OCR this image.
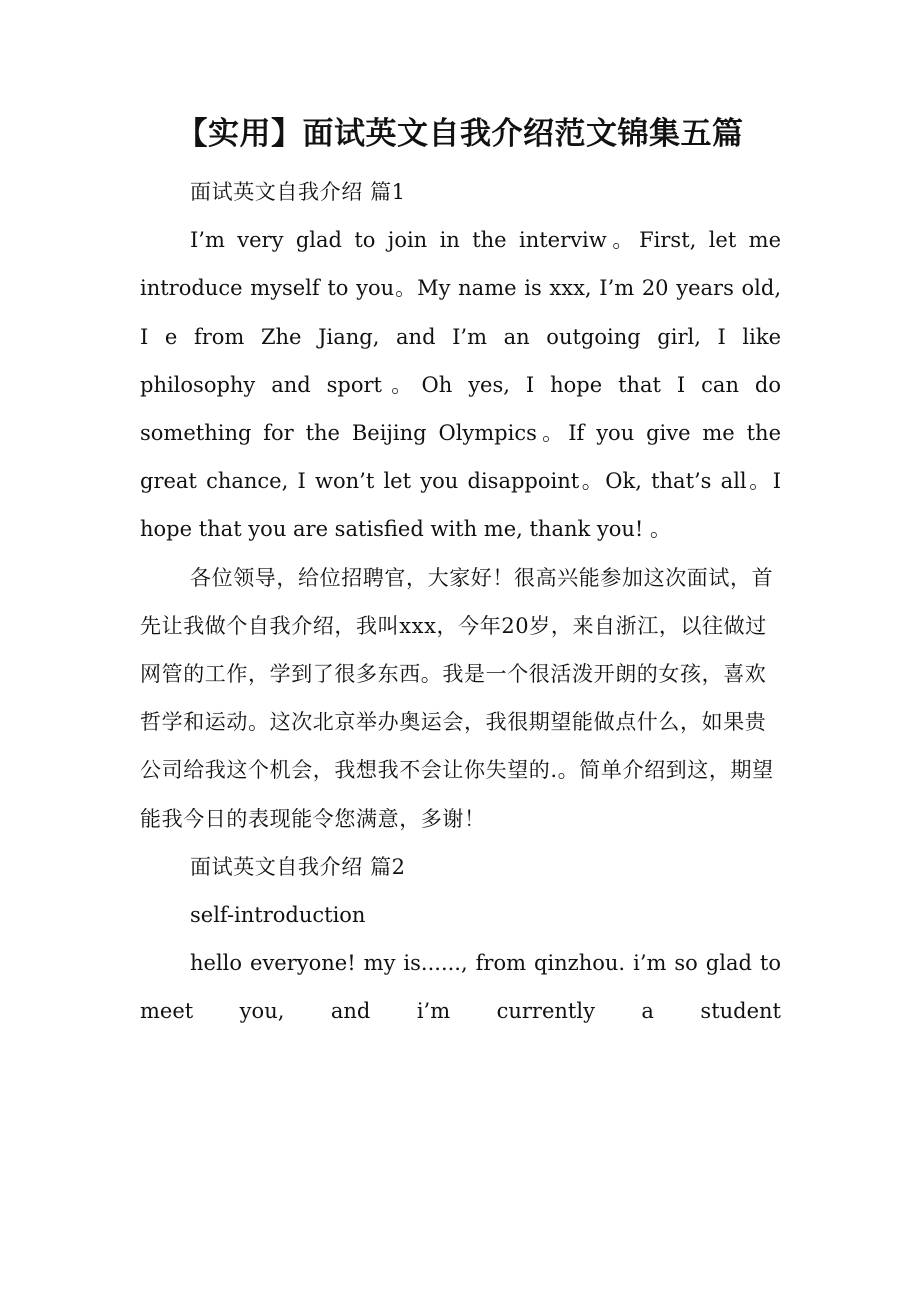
【实用】面试英文自我介绍范文锦集五篇

面试英文自我介绍 篇1

I’m very glad to join in the interviw。First, let me introduce myself to you。My name is xxx, I’m 20 years old, I e from Zhe Jiang, and I’m an outgoing girl, I like philosophy and sport。Oh yes, I hope that I can do something for the Beijing Olympics。If you give me the great chance, I won’t let you disappoint。Ok, that’s all。I hope that you are satisfied with me, thank you! 。

各位领导，给位招聘官，大家好！很高兴能参加这次面试，首先让我做个自我介绍，我叫xxx，今年20岁，来自浙江，以往做过网管的工作，学到了很多东西。我是一个很活泼开朗的女孩，喜欢哲学和运动。这次北京举办奥运会，我很期望能做点什么，如果贵公司给我这个机会，我想我不会让你失望的.。简单介绍到这，期望能我今日的表现能令您满意，多谢！

面试英文自我介绍 篇2

self-introduction

hello everyone! my is......, from qinzhou. i’m so glad to meet you, and i’m currently a student
